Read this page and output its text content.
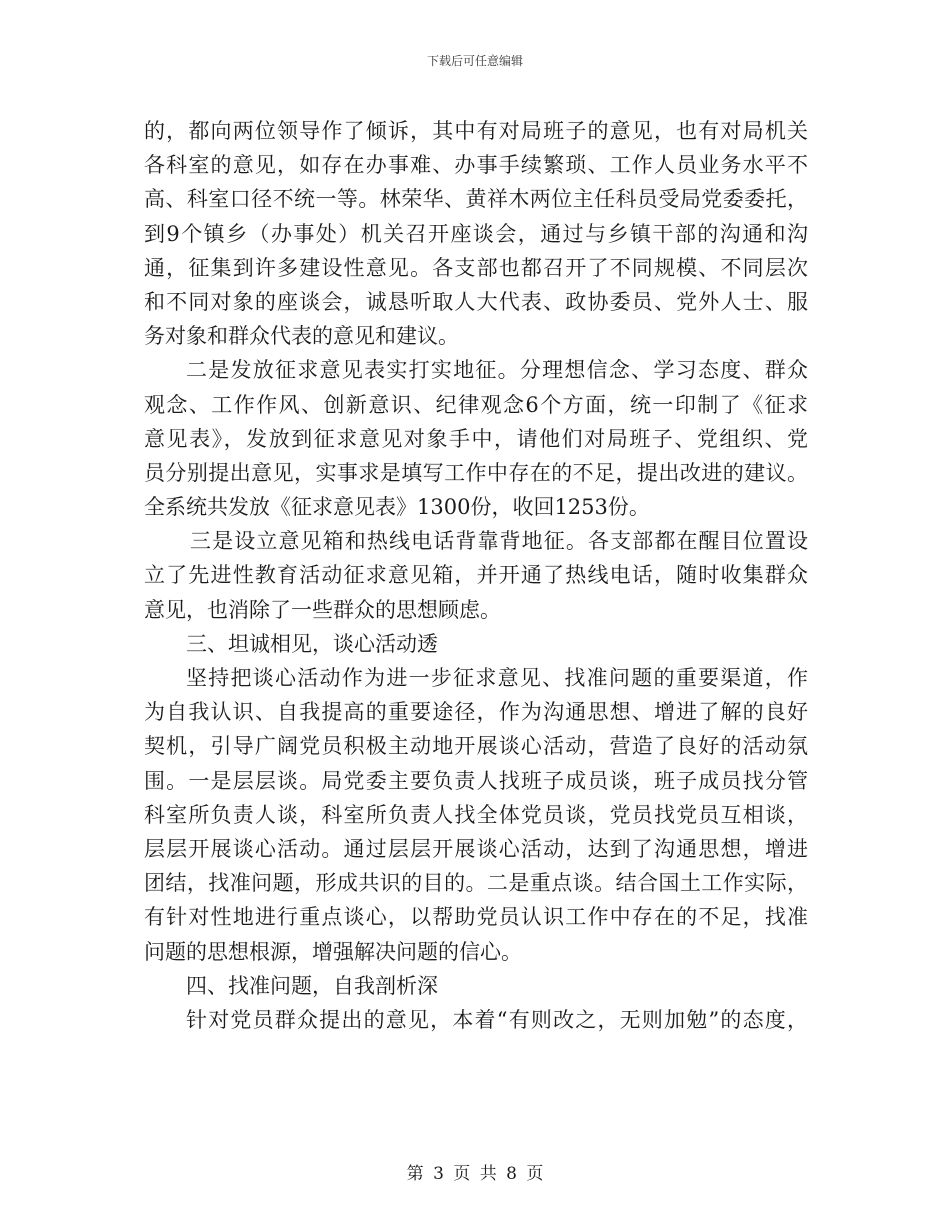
下载后可任意编辑
的，都向两位领导作了倾诉，其中有对局班子的意见，也有对局机关
各科室的意见，如存在办事难、办事手续繁琐、工作人员业务水平不
高、科室口径不统一等。林荣华、黄祥木两位主任科员受局党委委托，
到9个镇乡（办事处）机关召开座谈会，通过与乡镇干部的沟通和沟
通，征集到许多建设性意见。各支部也都召开了不同规模、不同层次
和不同对象的座谈会，诚恳听取人大代表、政协委员、党外人士、服
务对象和群众代表的意见和建议。
二是发放征求意见表实打实地征。分理想信念、学习态度、群众
观念、工作作风、创新意识、纪律观念6个方面，统一印制了《征求
意见表》，发放到征求意见对象手中，请他们对局班子、党组织、党
员分别提出意见，实事求是填写工作中存在的不足，提出改进的建议。
全系统共发放《征求意见表》1300份，收回1253份。
三是设立意见箱和热线电话背靠背地征。各支部都在醒目位置设
立了先进性教育活动征求意见箱，并开通了热线电话，随时收集群众
意见，也消除了一些群众的思想顾虑。
三、坦诚相见，谈心活动透
坚持把谈心活动作为进一步征求意见、找准问题的重要渠道，作
为自我认识、自我提高的重要途径，作为沟通思想、增进了解的良好
契机，引导广阔党员积极主动地开展谈心活动，营造了良好的活动氛
围。一是层层谈。局党委主要负责人找班子成员谈，班子成员找分管
科室所负责人谈，科室所负责人找全体党员谈，党员找党员互相谈，
层层开展谈心活动。通过层层开展谈心活动，达到了沟通思想，增进
团结，找准问题，形成共识的目的。二是重点谈。结合国土工作实际，
有针对性地进行重点谈心，以帮助党员认识工作中存在的不足，找准
问题的思想根源，增强解决问题的信心。
四、找准问题，自我剖析深
针对党员群众提出的意见，本着“有则改之，无则加勉”的态度，
第 3 页 共 8 页
